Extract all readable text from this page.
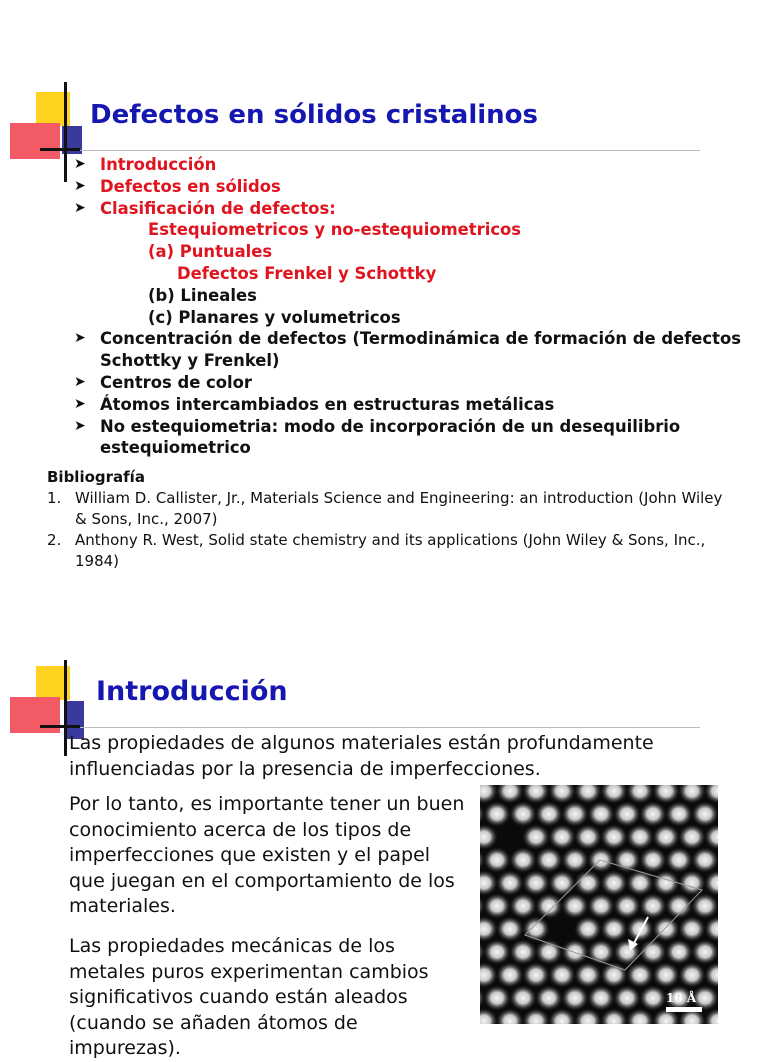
Defectos en sólidos cristalinos
➤ Introducción
➤ Defectos en sólidos
➤ Clasificación de defectos:
Estequiometricos y no-estequiometricos
(a) Puntuales
Defectos Frenkel y Schottky
(b) Lineales
(c) Planares y volumetricos
➤ Concentración de defectos (Termodinámica de formación de defectos Schottky y Frenkel)
➤ Centros de color
➤ Átomos intercambiados en estructuras metálicas
➤ No estequiometria: modo de incorporación de un desequilibrio estequiometrico
Bibliografía
1. William D. Callister, Jr., Materials Science and Engineering: an introduction (John Wiley & Sons, Inc., 2007)
2. Anthony R. West, Solid state chemistry and its applications (John Wiley & Sons, Inc., 1984)
Introducción
Las propiedades de algunos materiales están profundamente influenciadas por la presencia de imperfecciones.
Por lo tanto, es importante tener un buen conocimiento acerca de los tipos de imperfecciones que existen y el papel que juegan en el comportamiento de los materiales.
Las propiedades mecánicas de los metales puros experimentan cambios significativos cuando están aleados (cuando se añaden átomos de impurezas).
10 Å
